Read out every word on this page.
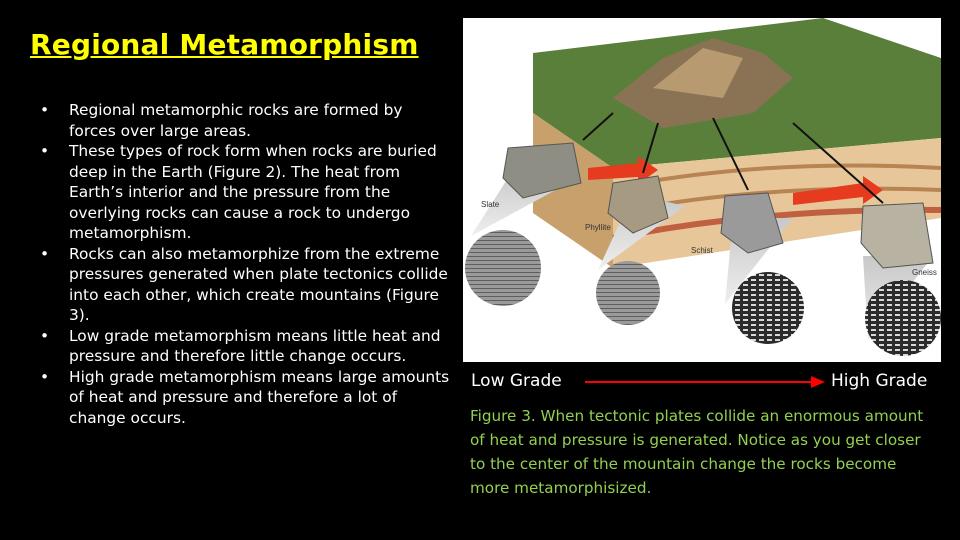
Regional Metamorphism
• Regional metamorphic rocks are formed by forces over large areas.
• These types of rock form when rocks are buried deep in the Earth (Figure 2). The heat from Earth’s interior and the pressure from the overlying rocks can cause a rock to undergo metamorphism.
• Rocks can also metamorphize from the extreme pressures generated when plate tectonics collide into each other, which create mountains (Figure 3).
• Low grade metamorphism means little heat and pressure and therefore little change occurs.
• High grade metamorphism means large amounts of heat and pressure and therefore a lot of change occurs.
Slate
Phyllite
Schist
Gneiss
Low Grade	High Grade
Figure 3. When tectonic plates collide an enormous amount of heat and pressure is generated. Notice as you get closer to the center of the mountain change the rocks become more metamorphisized.
